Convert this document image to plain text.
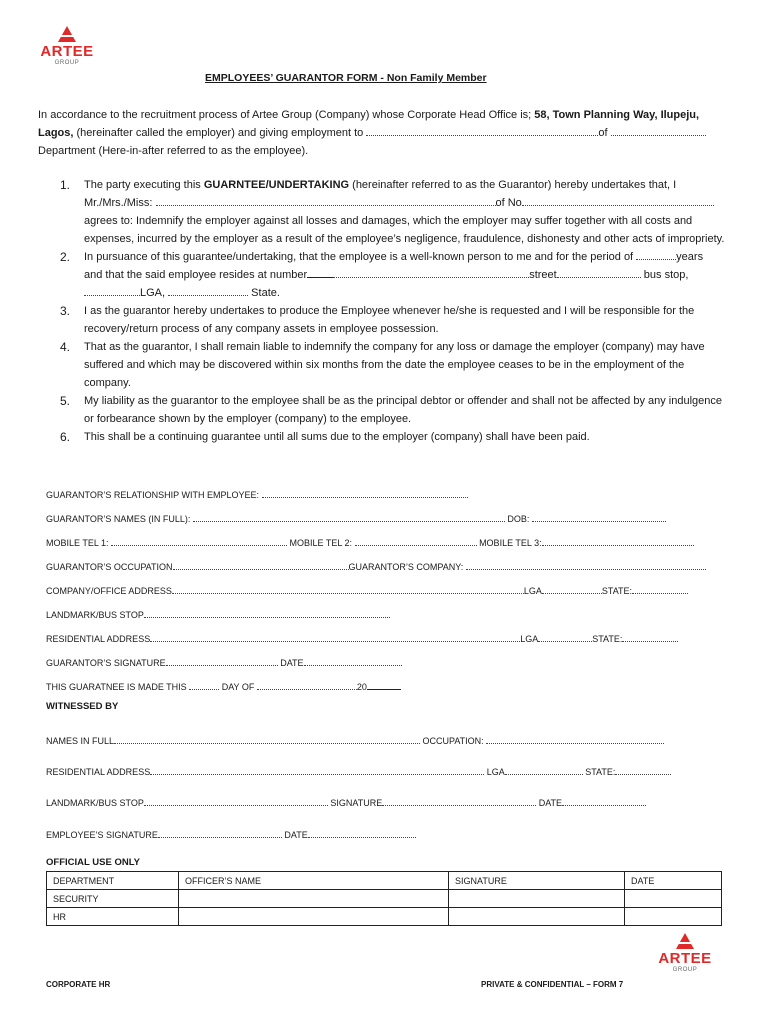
ARTEE
GROUP
EMPLOYEES’ GUARANTOR FORM - Non Family Member
In accordance to the recruitment process of Artee Group (Company) whose Corporate Head Office is; 58, Town Planning Way, Ilupeju, Lagos, (hereinafter called the employer) and giving employment to	of
Department (Here-in-after referred to as the employee).
1. The party executing this GUARNTEE/UNDERTAKING (hereinafter referred to as the Guarantor) hereby undertakes that, I
Mr./Mrs./Miss:	of No
agrees to: Indemnify the employer against all losses and damages, which the employer may suffer together with all costs and expenses, incurred by the employer as a result of the employee’s negligence, fraudulence, dishonesty and other acts of impropriety.
2. In pursuance of this guarantee/undertaking, that the employee is a well-known person to me and for the period of	years
and that the said employee resides at number	street	bus stop,
LGA,	State.
3. I as the guarantor hereby undertakes to produce the Employee whenever he/she is requested and I will be responsible for the recovery/return process of any company assets in employee possession.
4. That as the guarantor, I shall remain liable to indemnify the company for any loss or damage the employer (company) may have suffered and which may be discovered within six months from the date the employee ceases to be in the employment of the company.
5. My liability as the guarantor to the employee shall be as the principal debtor or offender and shall not be affected by any indulgence or forbearance shown by the employer (company) to the employee.
6. This shall be a continuing guarantee until all sums due to the employer (company) shall have been paid.
GUARANTOR’S RELATIONSHIP WITH EMPLOYEE:
GUARANTOR’S NAMES (IN FULL):	DOB:
MOBILE TEL 1:	MOBILE TEL 2:	MOBILE TEL 3:
GUARANTOR’S OCCUPATION	GUARANTOR’S COMPANY:
COMPANY/OFFICE ADDRESS	LGA	STATE:
LANDMARK/BUS STOP
RESIDENTIAL ADDRESS	LGA	STATE:
GUARANTOR’S SIGNATURE	DATE
THIS GUARATNEE IS MADE THIS	DAY OF	20
WITNESSED BY
NAMES IN FULL	OCCUPATION:
RESIDENTIAL ADDRESS	LGA	STATE:
LANDMARK/BUS STOP	SIGNATURE	DATE
EMPLOYEE’S SIGNATURE	DATE
OFFICIAL USE ONLY
DEPARTMENT	OFFICER’S NAME	SIGNATURE	DATE
SECURITY			
HR			
ARTEE
GROUP
CORPORATE HR	PRIVATE & CONFIDENTIAL – FORM 7
